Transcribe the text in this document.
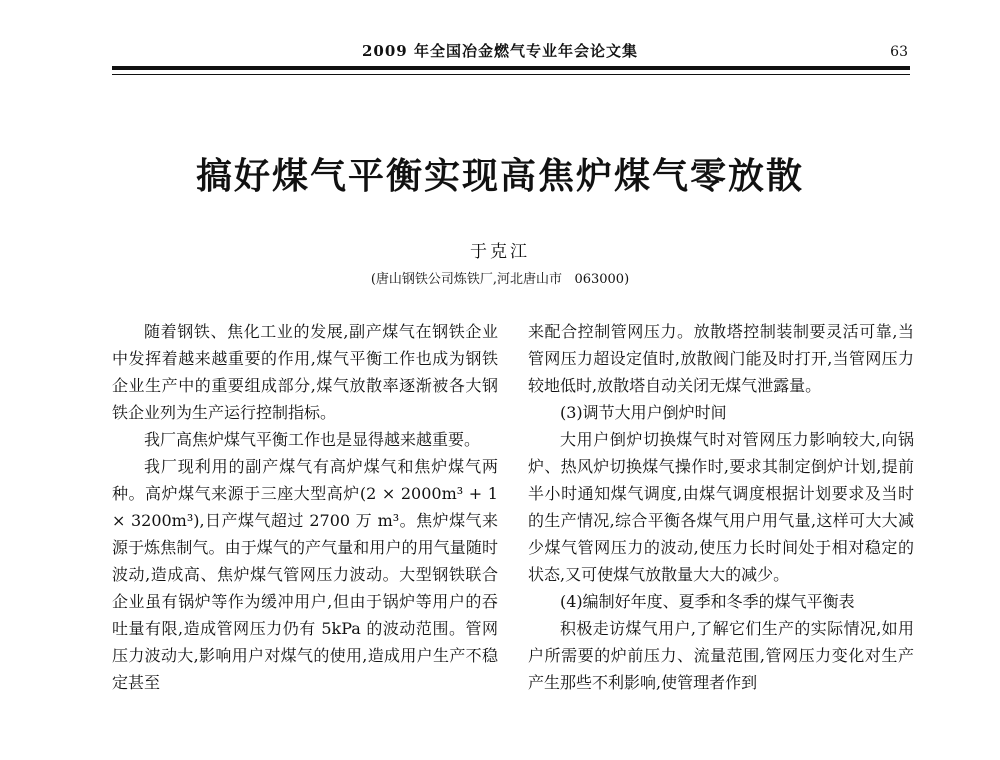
2009 年全国冶金燃气专业年会论文集	63
搞好煤气平衡实现高焦炉煤气零放散
于克江
(唐山钢铁公司炼铁厂,河北唐山市   063000)

随着钢铁、焦化工业的发展,副产煤气在钢铁企业中发挥着越来越重要的作用,煤气平衡工作也成为钢铁企业生产中的重要组成部分,煤气放散率逐渐被各大钢铁企业列为生产运行控制指标。

我厂高焦炉煤气平衡工作也是显得越来越重要。

我厂现利用的副产煤气有高炉煤气和焦炉煤气两种。高炉煤气来源于三座大型高炉(2 × 2000m³ + 1 × 3200m³),日产煤气超过 2700 万 m³。焦炉煤气来源于炼焦制气。由于煤气的产气量和用户的用气量随时波动,造成高、焦炉煤气管网压力波动。大型钢铁联合企业虽有锅炉等作为缓冲用户,但由于锅炉等用户的吞吐量有限,造成管网压力仍有 5kPa 的波动范围。管网压力波动大,影响用户对煤气的使用,造成用户生产不稳定甚至

来配合控制管网压力。放散塔控制装制要灵活可靠,当管网压力超设定值时,放散阀门能及时打开,当管网压力较地低时,放散塔自动关闭无煤气泄露量。

(3)调节大用户倒炉时间

大用户倒炉切换煤气时对管网压力影响较大,向锅炉、热风炉切换煤气操作时,要求其制定倒炉计划,提前半小时通知煤气调度,由煤气调度根据计划要求及当时的生产情况,综合平衡各煤气用户用气量,这样可大大减少煤气管网压力的波动,使压力长时间处于相对稳定的状态,又可使煤气放散量大大的减少。

(4)编制好年度、夏季和冬季的煤气平衡表

积极走访煤气用户,了解它们生产的实际情况,如用户所需要的炉前压力、流量范围,管网压力变化对生产产生那些不利影响,使管理者作到
